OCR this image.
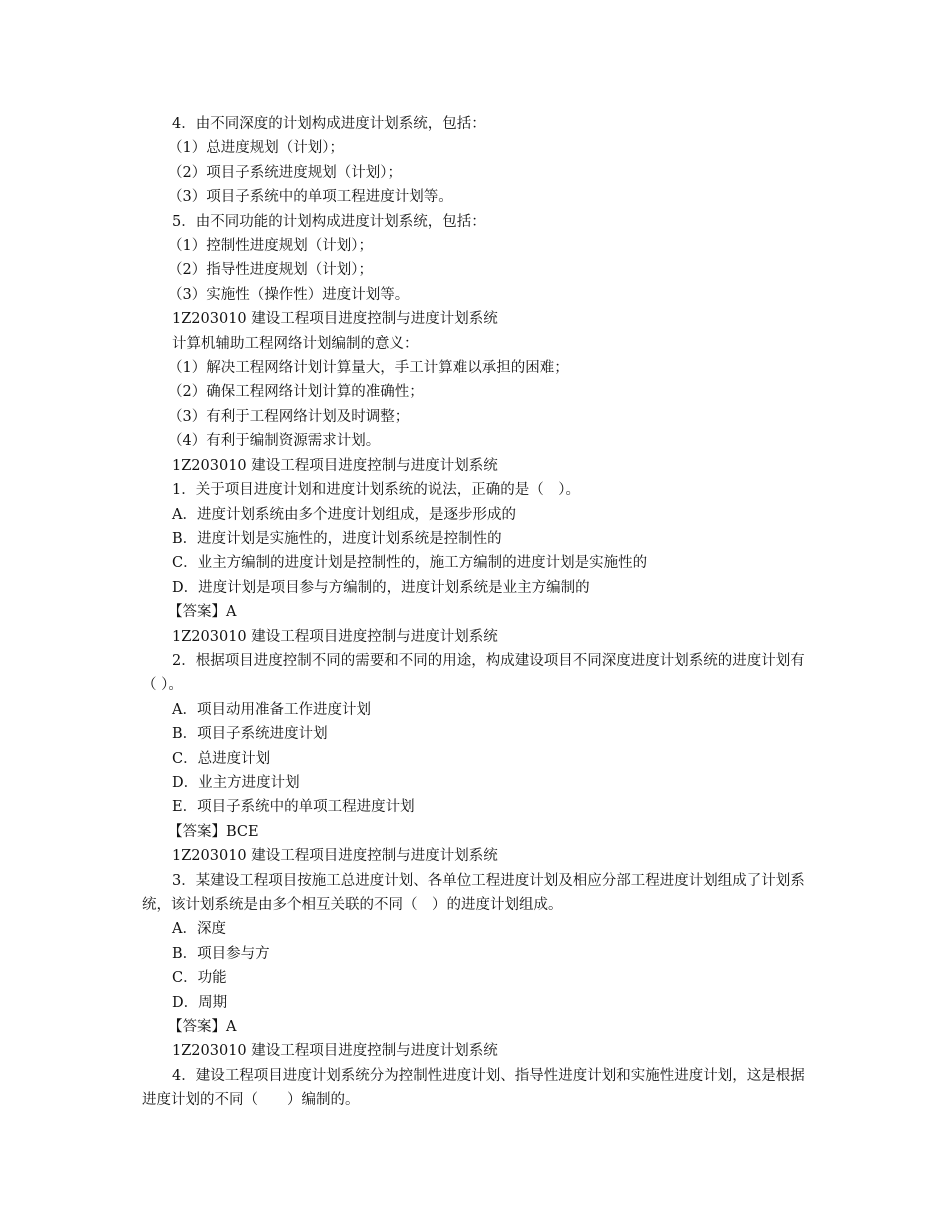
4．由不同深度的计划构成进度计划系统，包括：

（1）总进度规划（计划）；

（2）项目子系统进度规划（计划）；

（3）项目子系统中的单项工程进度计划等。

5．由不同功能的计划构成进度计划系统，包括：

（1）控制性进度规划（计划）；

（2）指导性进度规划（计划）；

（3）实施性（操作性）进度计划等。

1Z203010 建设工程项目进度控制与进度计划系统

计算机辅助工程网络计划编制的意义：

（1）解决工程网络计划计算量大，手工计算难以承担的困难；

（2）确保工程网络计划计算的准确性；

（3）有利于工程网络计划及时调整；

（4）有利于编制资源需求计划。

1Z203010 建设工程项目进度控制与进度计划系统

1．关于项目进度计划和进度计划系统的说法，正确的是（　）。

A．进度计划系统由多个进度计划组成，是逐步形成的

B．进度计划是实施性的，进度计划系统是控制性的

C．业主方编制的进度计划是控制性的，施工方编制的进度计划是实施性的

D．进度计划是项目参与方编制的，进度计划系统是业主方编制的

【答案】A

1Z203010 建设工程项目进度控制与进度计划系统

2．根据项目进度控制不同的需要和不同的用途，构成建设项目不同深度进度计划系统的进度计划有（ ）。

A．项目动用准备工作进度计划

B．项目子系统进度计划

C．总进度计划

D．业主方进度计划

E．项目子系统中的单项工程进度计划

【答案】BCE

1Z203010 建设工程项目进度控制与进度计划系统

3．某建设工程项目按施工总进度计划、各单位工程进度计划及相应分部工程进度计划组成了计划系统，该计划系统是由多个相互关联的不同（　）的进度计划组成。

A．深度

B．项目参与方

C．功能

D．周期

【答案】A

1Z203010 建设工程项目进度控制与进度计划系统

4．建设工程项目进度计划系统分为控制性进度计划、指导性进度计划和实施性进度计划，这是根据进度计划的不同（　　）编制的。
